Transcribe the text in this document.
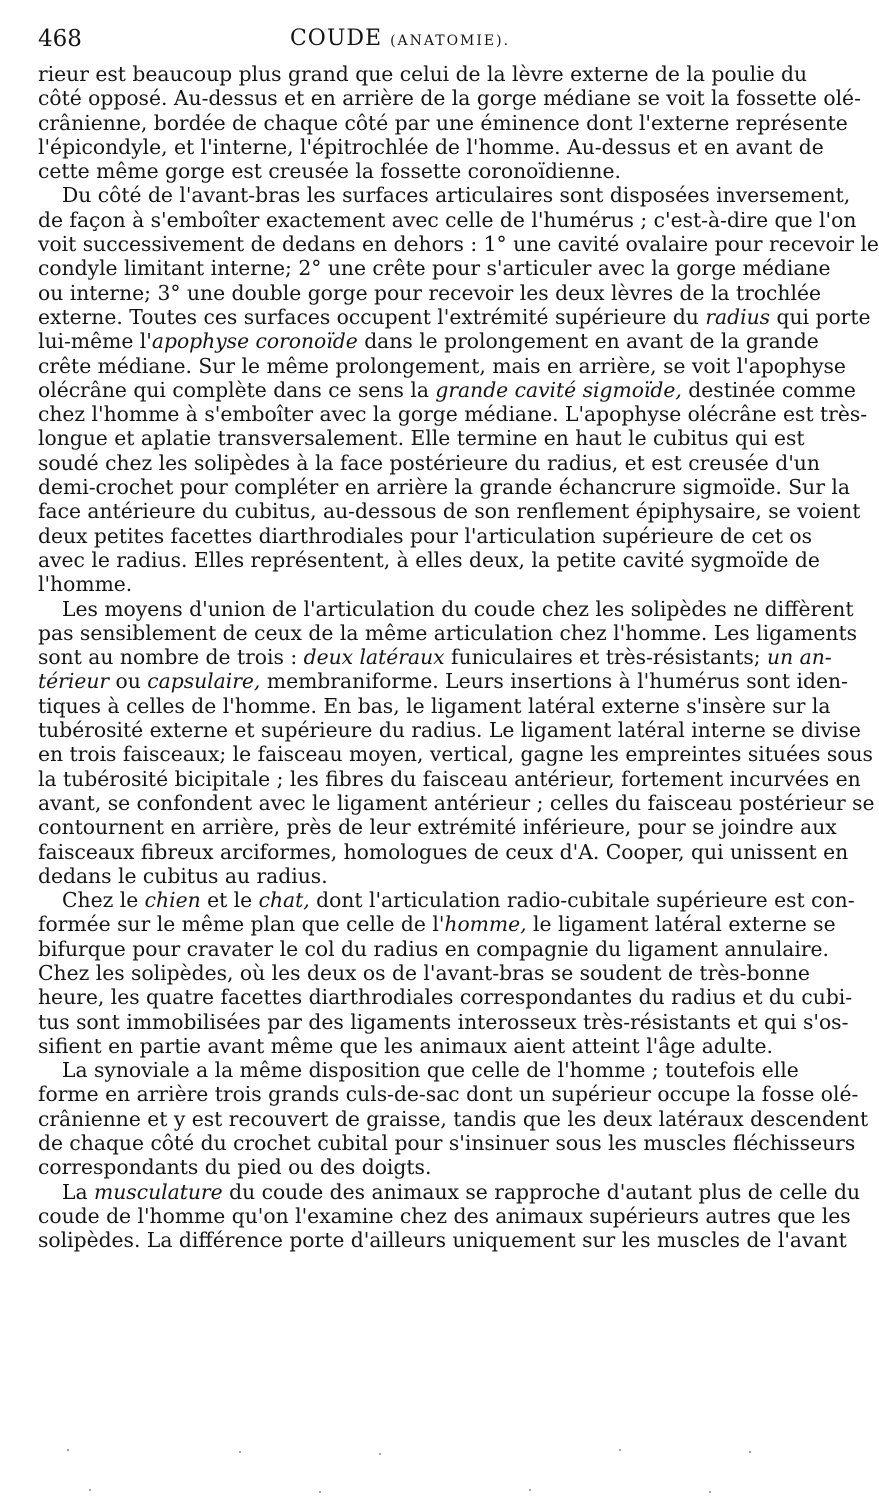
468	COUDE (ANATOMIE).
rieur est beaucoup plus grand que celui de la lèvre externe de la poulie du
côté opposé. Au-dessus et en arrière de la gorge médiane se voit la fossette olé-
crânienne, bordée de chaque côté par une éminence dont l'externe représente
l'épicondyle, et l'interne, l'épitrochlée de l'homme. Au-dessus et en avant de
cette même gorge est creusée la fossette coronoïdienne.
Du côté de l'avant-bras les surfaces articulaires sont disposées inversement,
de façon à s'emboîter exactement avec celle de l'humérus ; c'est-à-dire que l'on
voit successivement de dedans en dehors : 1° une cavité ovalaire pour recevoir le
condyle limitant interne; 2° une crête pour s'articuler avec la gorge médiane
ou interne; 3° une double gorge pour recevoir les deux lèvres de la trochlée
externe. Toutes ces surfaces occupent l'extrémité supérieure du radius qui porte
lui-même l'apophyse coronoïde dans le prolongement en avant de la grande
crête médiane. Sur le même prolongement, mais en arrière, se voit l'apophyse
olécrâne qui complète dans ce sens la grande cavité sigmoïde, destinée comme
chez l'homme à s'emboîter avec la gorge médiane. L'apophyse olécrâne est très-
longue et aplatie transversalement. Elle termine en haut le cubitus qui est
soudé chez les solipèdes à la face postérieure du radius, et est creusée d'un
demi-crochet pour compléter en arrière la grande échancrure sigmoïde. Sur la
face antérieure du cubitus, au-dessous de son renflement épiphysaire, se voient
deux petites facettes diarthrodiales pour l'articulation supérieure de cet os
avec le radius. Elles représentent, à elles deux, la petite cavité sygmoïde de
l'homme.
Les moyens d'union de l'articulation du coude chez les solipèdes ne diffèrent
pas sensiblement de ceux de la même articulation chez l'homme. Les ligaments
sont au nombre de trois : deux latéraux funiculaires et très-résistants; un an-
térieur ou capsulaire, membraniforme. Leurs insertions à l'humérus sont iden-
tiques à celles de l'homme. En bas, le ligament latéral externe s'insère sur la
tubérosité externe et supérieure du radius. Le ligament latéral interne se divise
en trois faisceaux; le faisceau moyen, vertical, gagne les empreintes situées sous
la tubérosité bicipitale ; les fibres du faisceau antérieur, fortement incurvées en
avant, se confondent avec le ligament antérieur ; celles du faisceau postérieur se
contournent en arrière, près de leur extrémité inférieure, pour se joindre aux
faisceaux fibreux arciformes, homologues de ceux d'A. Cooper, qui unissent en
dedans le cubitus au radius.
Chez le chien et le chat, dont l'articulation radio-cubitale supérieure est con-
formée sur le même plan que celle de l'homme, le ligament latéral externe se
bifurque pour cravater le col du radius en compagnie du ligament annulaire.
Chez les solipèdes, où les deux os de l'avant-bras se soudent de très-bonne
heure, les quatre facettes diarthrodiales correspondantes du radius et du cubi-
tus sont immobilisées par des ligaments interosseux très-résistants et qui s'os-
sifient en partie avant même que les animaux aient atteint l'âge adulte.
La synoviale a la même disposition que celle de l'homme ; toutefois elle
forme en arrière trois grands culs-de-sac dont un supérieur occupe la fosse olé-
crânienne et y est recouvert de graisse, tandis que les deux latéraux descendent
de chaque côté du crochet cubital pour s'insinuer sous les muscles fléchisseurs
correspondants du pied ou des doigts.
La musculature du coude des animaux se rapproche d'autant plus de celle du
coude de l'homme qu'on l'examine chez des animaux supérieurs autres que les
solipèdes. La différence porte d'ailleurs uniquement sur les muscles de l'avant
